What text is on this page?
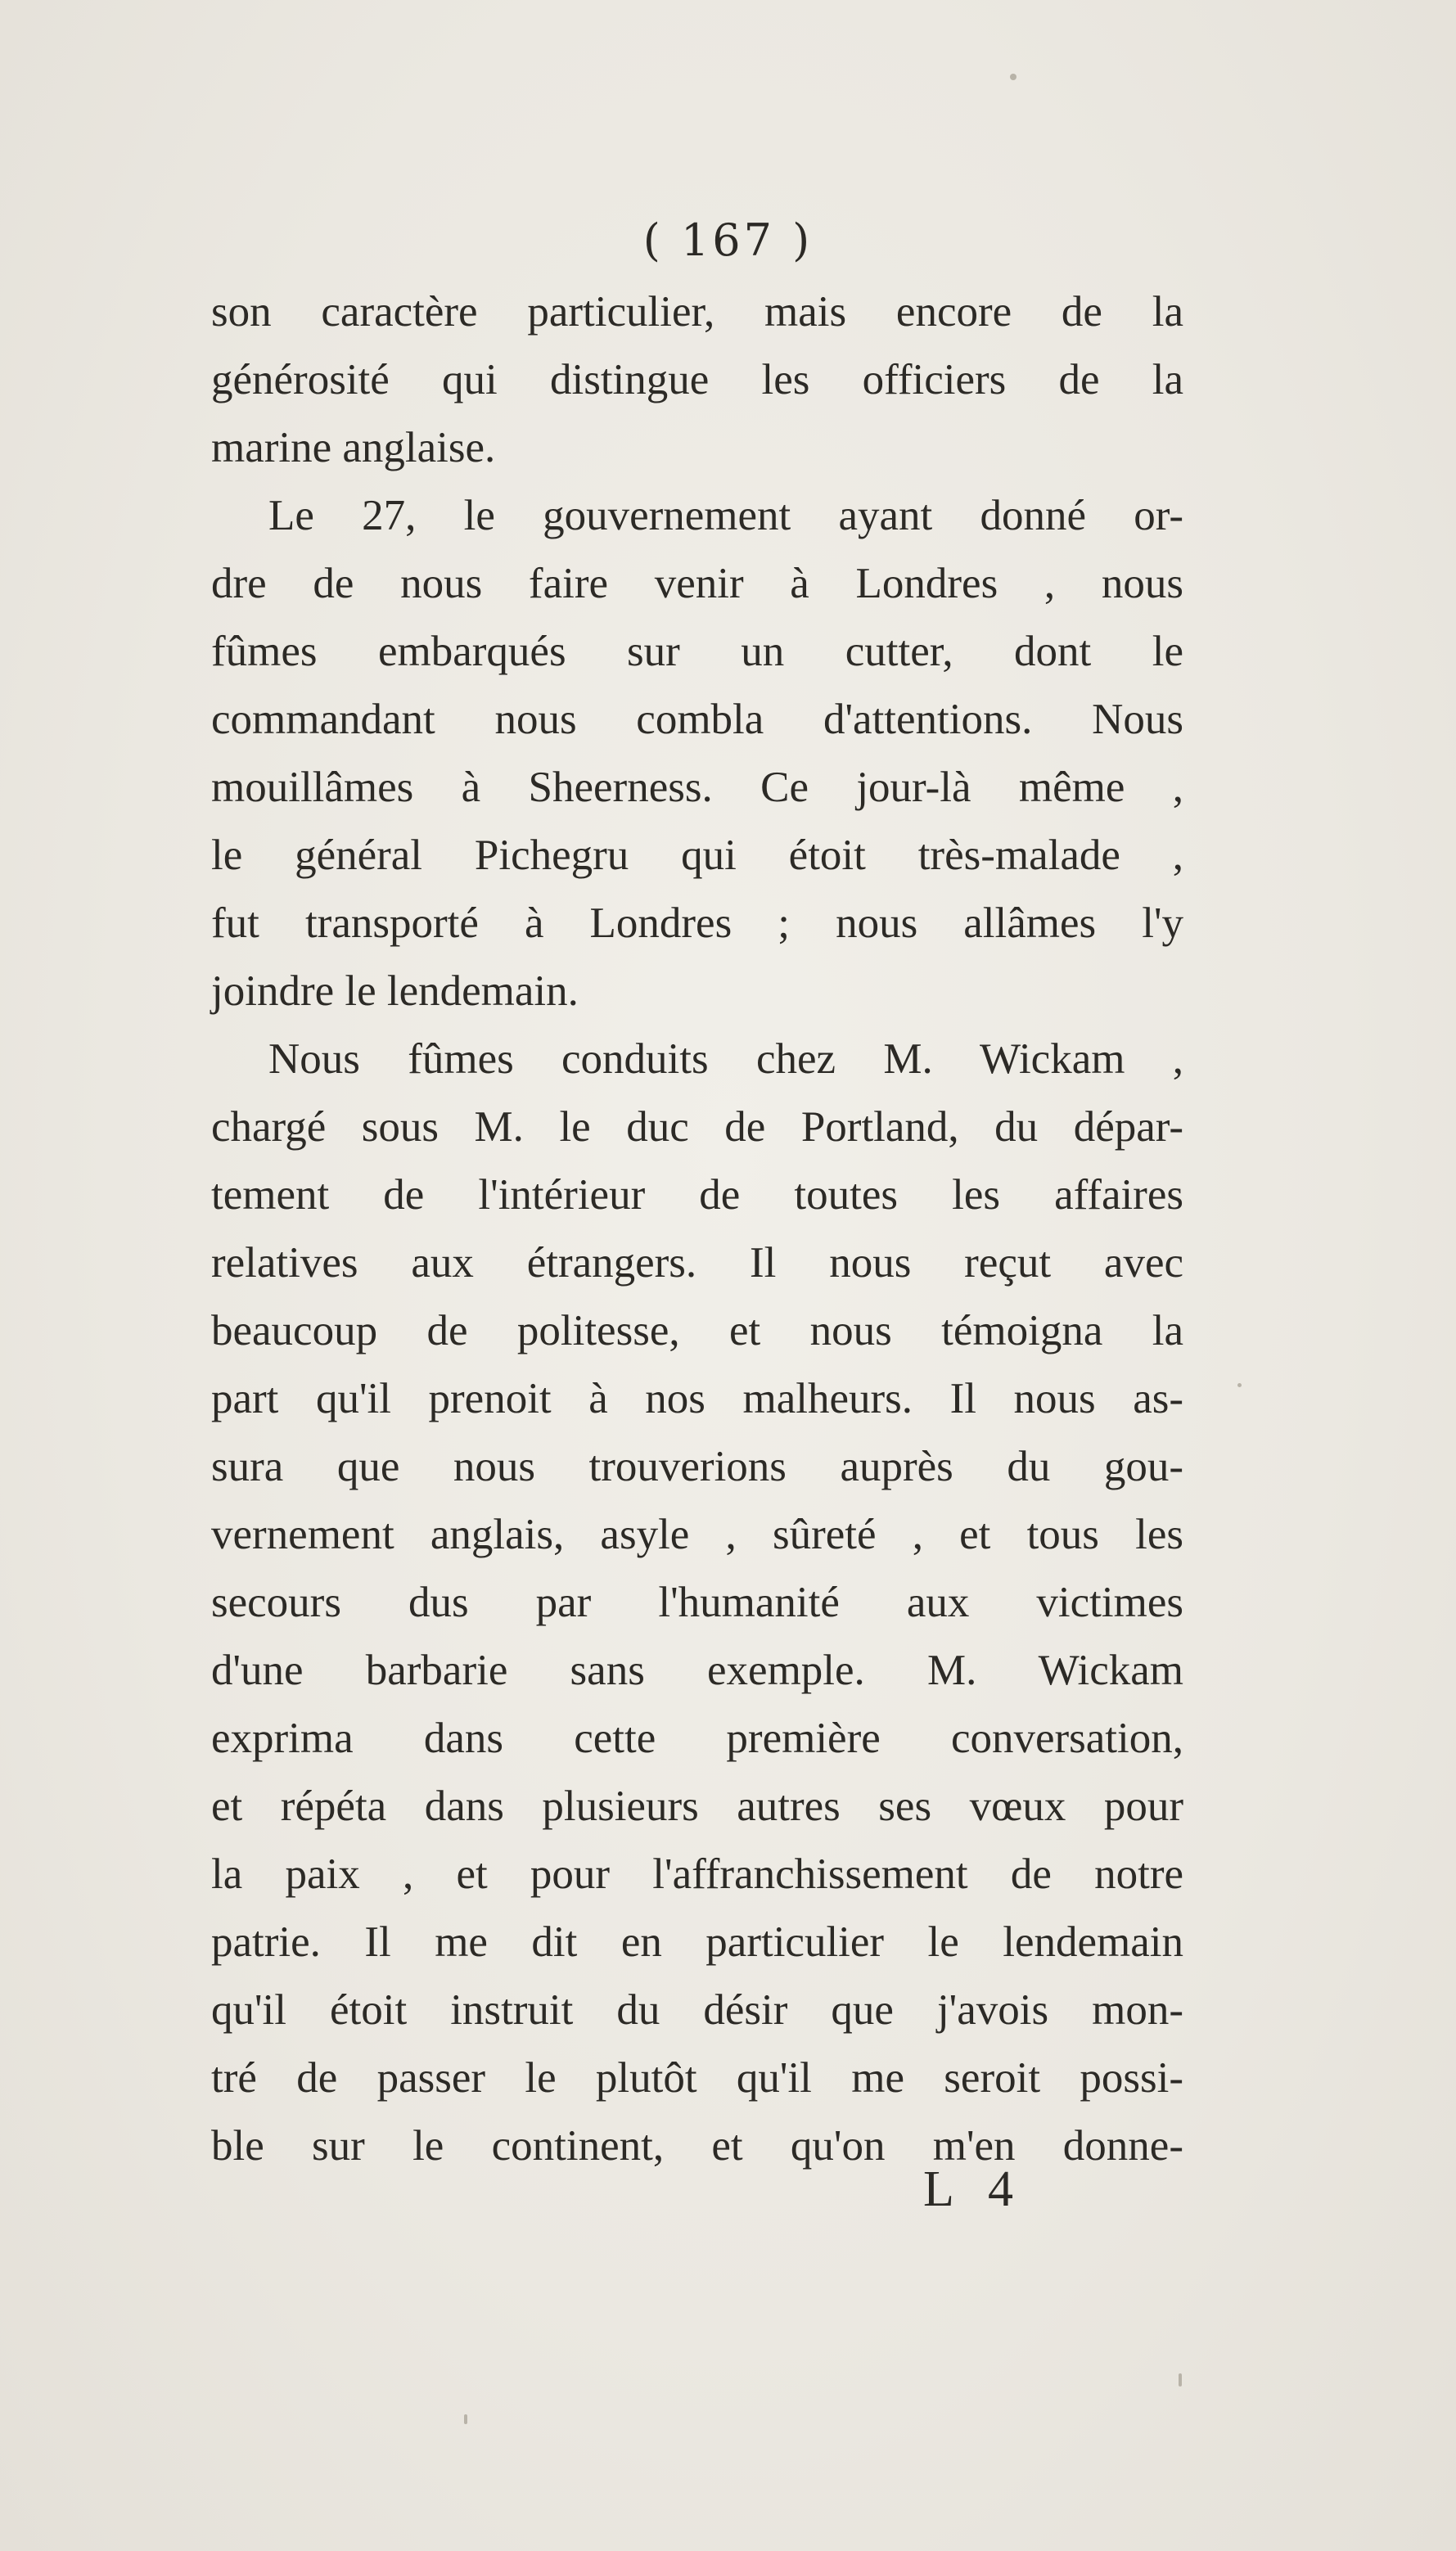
( 167 )
son caractère particulier, mais encore de la
générosité qui distingue les officiers de la
marine anglaise.
Le 27, le gouvernement ayant donné or-
dre de nous faire venir à Londres , nous
fûmes embarqués sur un cutter, dont le
commandant nous combla d'attentions. Nous
mouillâmes à Sheerness. Ce jour-là même ,
le général Pichegru qui étoit très-malade ,
fut transporté à Londres ; nous allâmes l'y
joindre le lendemain.
Nous fûmes conduits chez M. Wickam ,
chargé sous M. le duc de Portland, du dépar-
tement de l'intérieur de toutes les affaires
relatives aux étrangers. Il nous reçut avec
beaucoup de politesse, et nous témoigna la
part qu'il prenoit à nos malheurs. Il nous as-
sura que nous trouverions auprès du gou-
vernement anglais, asyle , sûreté , et tous les
secours dus par l'humanité aux victimes
d'une barbarie sans exemple. M. Wickam
exprima dans cette première conversation,
et répéta dans plusieurs autres ses vœux pour
la paix , et pour l'affranchissement de notre
patrie. Il me dit en particulier le lendemain
qu'il étoit instruit du désir que j'avois mon-
tré de passer le plutôt qu'il me seroit possi-
ble sur le continent, et qu'on m'en donne-
L 4
